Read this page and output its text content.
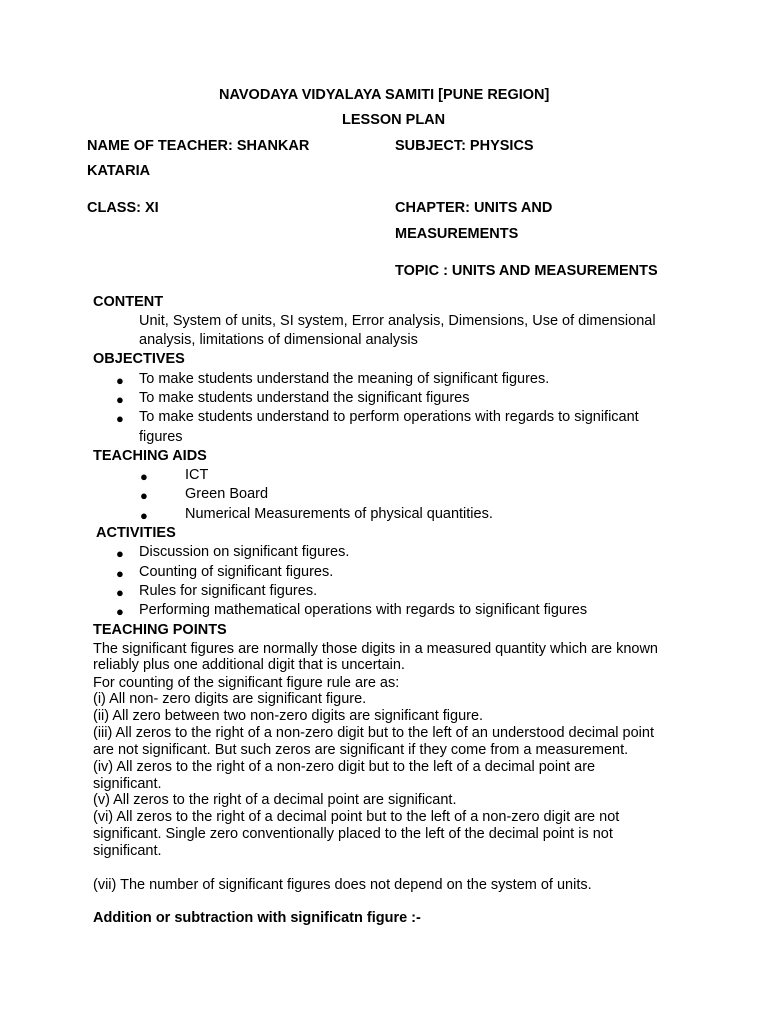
NAVODAYA VIDYALAYA SAMITI [PUNE REGION]
LESSON PLAN
NAME OF TEACHER: SHANKAR
KATARIA
SUBJECT: PHYSICS
CLASS: XI	CHAPTER: UNITS AND
MEASUREMENTS
TOPIC : UNITS AND MEASUREMENTS
CONTENT
Unit, System of units, SI system, Error analysis, Dimensions, Use of dimensional
analysis, limitations of dimensional analysis
OBJECTIVES
● To make students understand the meaning of significant figures.
● To make students understand the significant figures
● To make students understand to perform operations with regards to significant
figures
TEACHING AIDS
●	ICT
●	Green Board
●	Numerical Measurements of physical quantities.
ACTIVITIES
● Discussion on significant figures.
● Counting of significant figures.
● Rules for significant figures.
● Performing mathematical operations with regards to significant figures
TEACHING POINTS
The significant figures are normally those digits in a measured quantity which are known
reliably plus one additional digit that is uncertain.
For counting of the significant figure rule are as:
(i) All non- zero digits are significant figure.
(ii) All zero between two non-zero digits are significant figure.
(iii) All zeros to the right of a non-zero digit but to the left of an understood decimal point
are not significant. But such zeros are significant if they come from a measurement.
(iv) All zeros to the right of a non-zero digit but to the left of a decimal point are
significant.
(v) All zeros to the right of a decimal point are significant.
(vi) All zeros to the right of a decimal point but to the left of a non-zero digit are not
significant. Single zero conventionally placed to the left of the decimal point is not
significant.
(vii) The number of significant figures does not depend on the system of units.
Addition or subtraction with significatn figure :-
